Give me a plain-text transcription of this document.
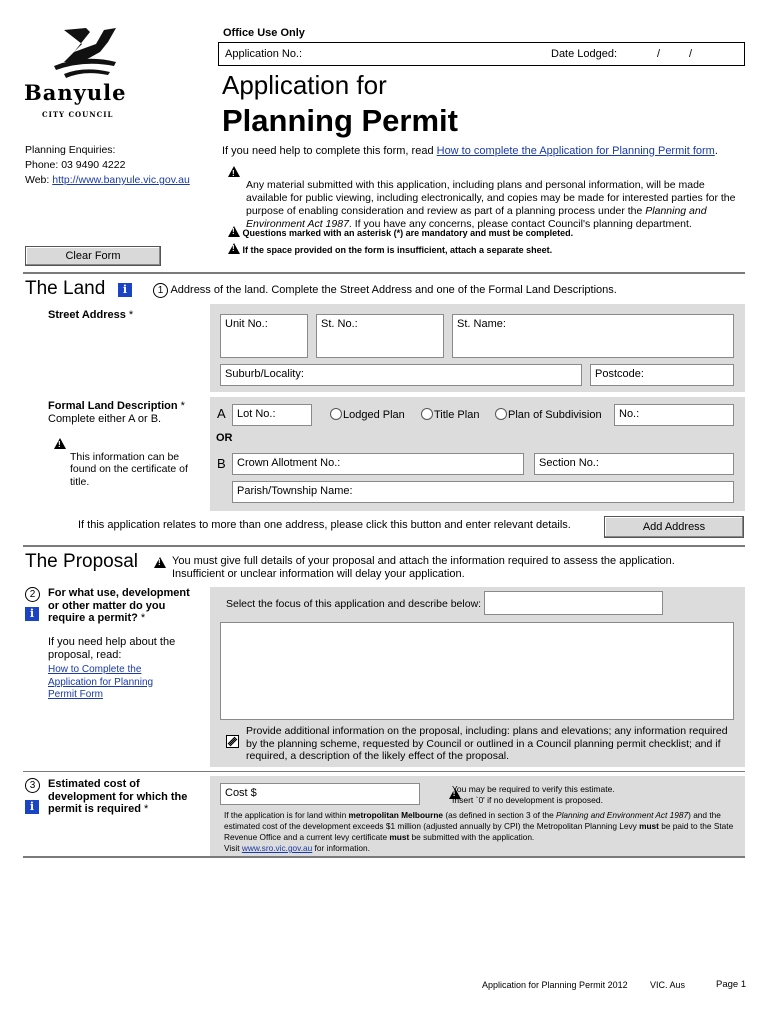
Office Use Only
Application No.:	Date Lodged:	/	/
Banyule
CITY COUNCIL
Planning Enquiries:
Phone: 03 9490 4222
Web: http://www.banyule.vic.gov.au
Application for
Planning Permit
If you need help to complete this form, read How to complete the Application for Planning Permit form.
!
Any material submitted with this application, including plans and personal information, will be made available for public viewing, including electronically, and copies may be made for interested parties for the purpose of enabling consideration and review as part of a planning process under the Planning and Environment Act 1987. If you have any concerns, please contact Council's planning department.
! Questions marked with an asterisk (*) are mandatory and must be completed.
! If the space provided on the form is insufficient, attach a separate sheet.
Clear Form
The Land	i	1 Address of the land. Complete the Street Address and one of the Formal Land Descriptions.
Street Address *
Unit No.:	St. No.:	St. Name:
Suburb/Locality:	Postcode:
Formal Land Description *
Complete either A or B.
!
This information can be found on the certificate of title.
A	Lot No.:	Lodged Plan	Title Plan	Plan of Subdivision	No.:
OR
B	Crown Allotment No.:	Section No.:
Parish/Township Name:
If this application relates to more than one address, please click this button and enter relevant details.	Add Address
The Proposal
!	You must give full details of your proposal and attach the information required to assess the application.
Insufficient or unclear information will delay your application.
2
i
For what use, development or other matter do you require a permit? *
If you need help about the proposal, read:
How to Complete the Application for Planning Permit Form
Select the focus of this application and describe below:
Provide additional information on the proposal, including: plans and elevations; any information required by the planning scheme, requested by Council or outlined in a Council planning permit checklist; and if required, a description of the likely effect of the proposal.
3
i
Estimated cost of development for which the permit is required *
Cost $
!	You may be required to verify this estimate.
Insert `0' if no development is proposed.
If the application is for land within metropolitan Melbourne (as defined in section 3 of the Planning and Environment Act 1987) and the estimated cost of the development exceeds $1 million (adjusted annually by CPI) the Metropolitan Planning Levy must be paid to the State Revenue Office and a current levy certificate must be submitted with the application.
Visit www.sro.vic.gov.au for information.
Application for Planning Permit 2012 VIC. Aus	Page 1
